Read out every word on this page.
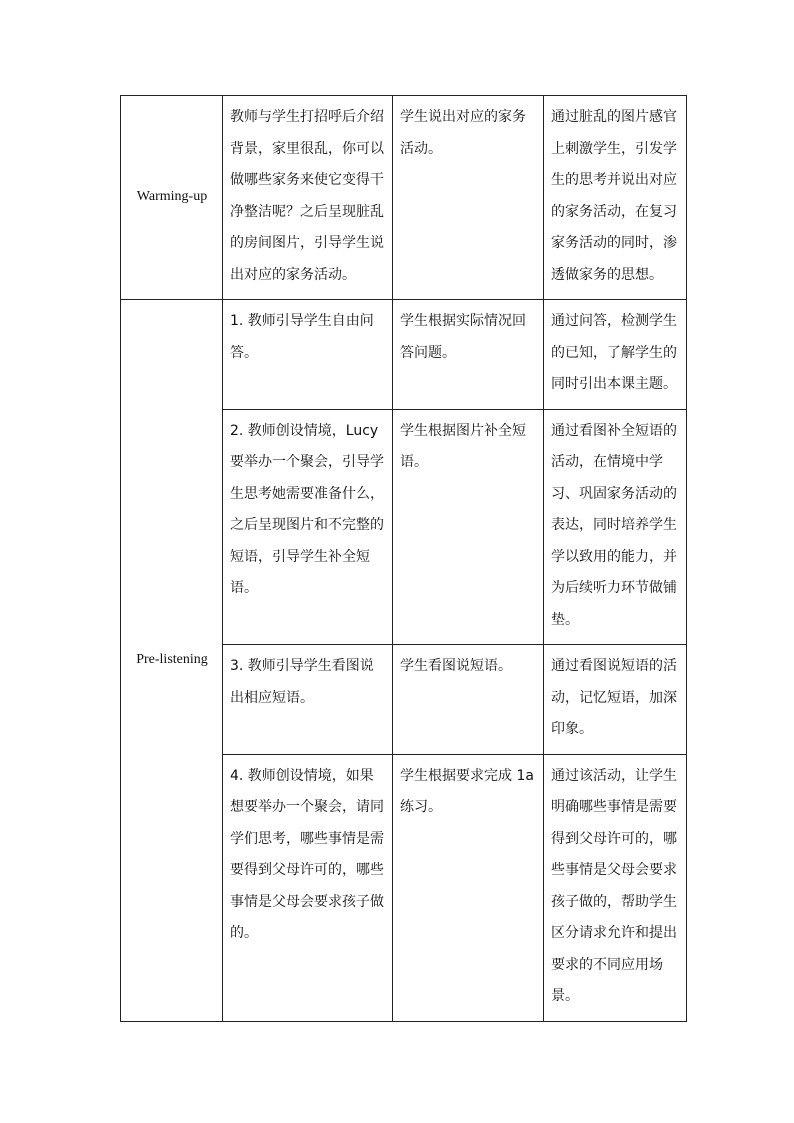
Warming-up	教师与学生打招呼后介绍背景，家里很乱，你可以做哪些家务来使它变得干净整洁呢？之后呈现脏乱的房间图片，引导学生说出对应的家务活动。	学生说出对应的家务活动。	通过脏乱的图片感官上刺激学生，引发学生的思考并说出对应的家务活动，在复习家务活动的同时，渗透做家务的思想。
Pre-listening	1. 教师引导学生自由问答。	学生根据实际情况回答问题。	通过问答，检测学生的已知，了解学生的同时引出本课主题。
	2. 教师创设情境，Lucy要举办一个聚会，引导学生思考她需要准备什么，之后呈现图片和不完整的短语，引导学生补全短语。	学生根据图片补全短语。	通过看图补全短语的活动，在情境中学习、巩固家务活动的表达，同时培养学生学以致用的能力，并为后续听力环节做铺垫。
	3. 教师引导学生看图说出相应短语。	学生看图说短语。	通过看图说短语的活动，记忆短语，加深印象。
	4. 教师创设情境，如果想要举办一个聚会，请同学们思考，哪些事情是需要得到父母许可的，哪些事情是父母会要求孩子做的。	学生根据要求完成 1a 练习。	通过该活动，让学生明确哪些事情是需要得到父母许可的，哪些事情是父母会要求孩子做的，帮助学生区分请求允许和提出要求的不同应用场景。
